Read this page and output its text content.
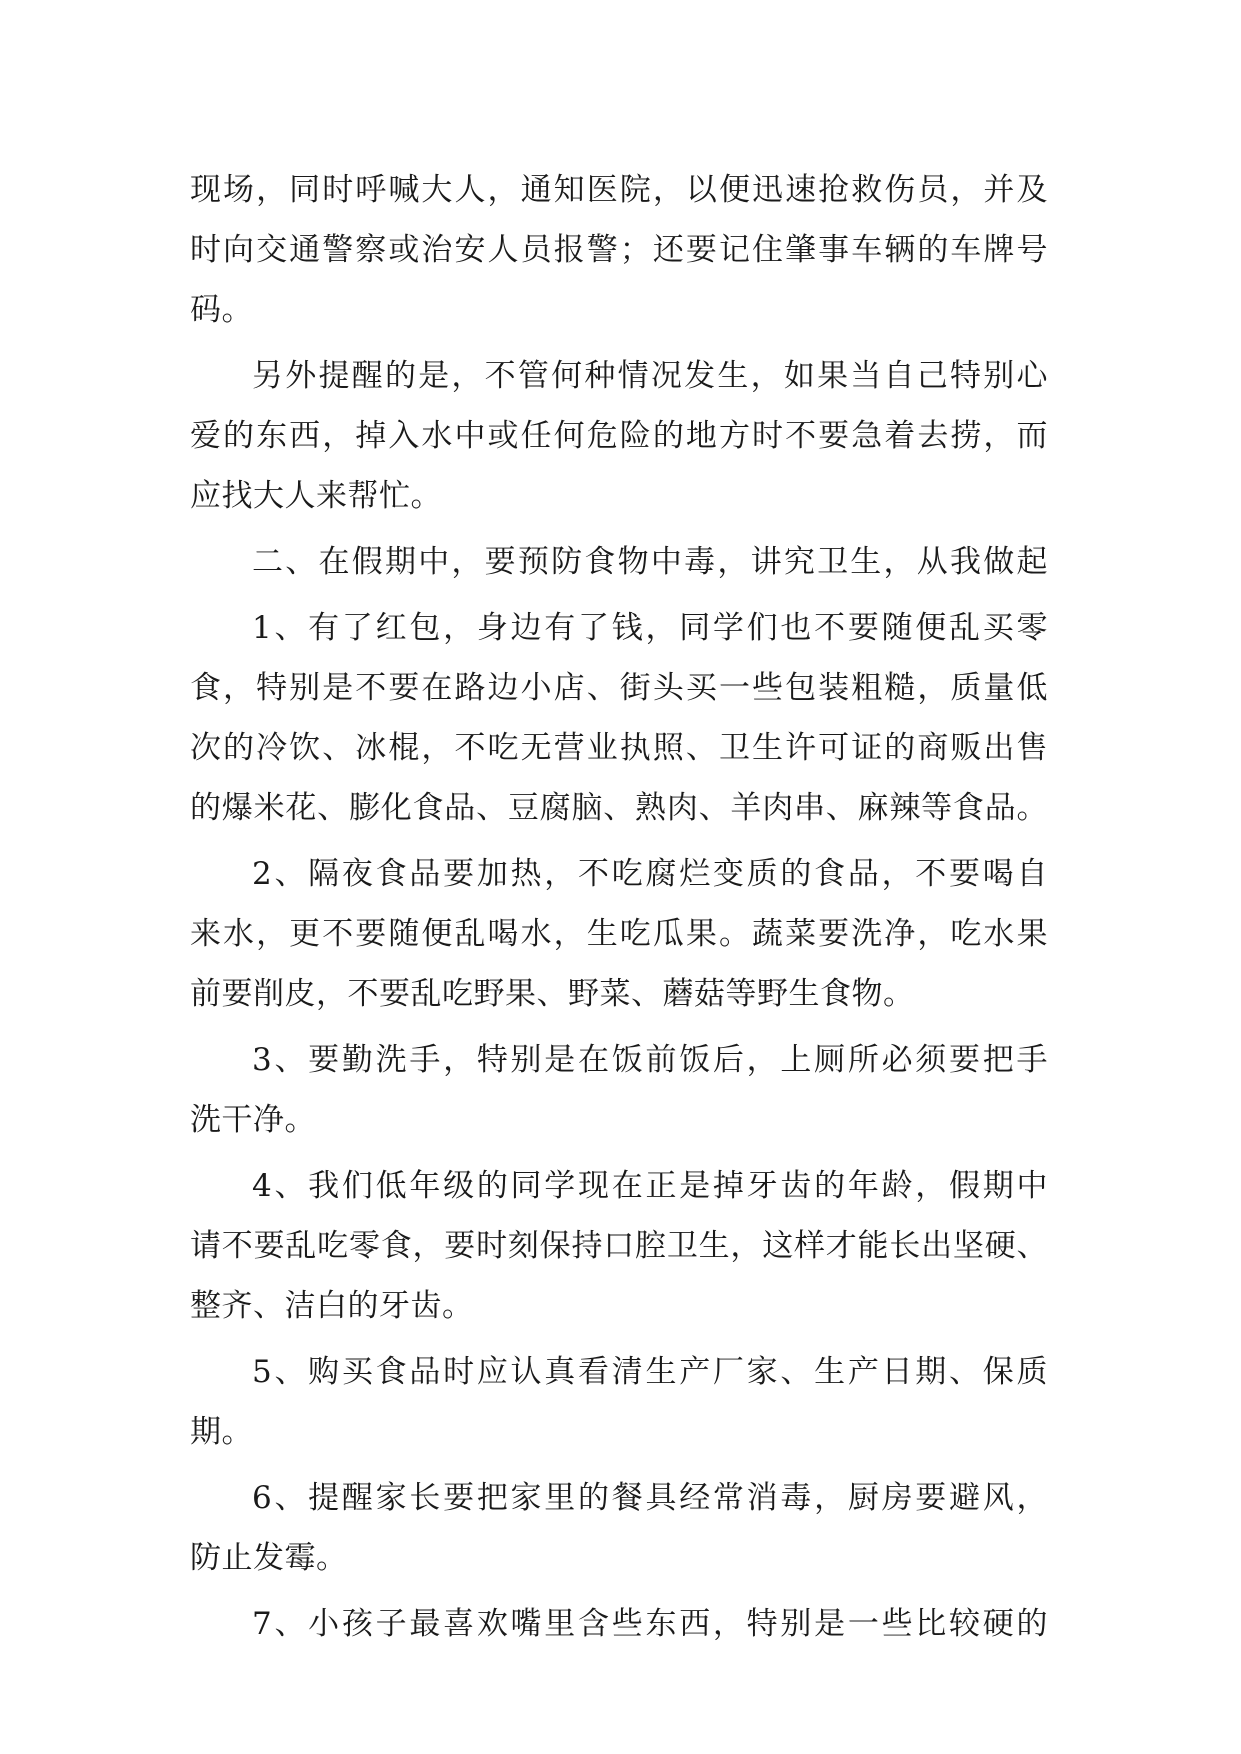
现场，同时呼喊大人，通知医院，以便迅速抢救伤员，并及
时向交通警察或治安人员报警；还要记住肇事车辆的车牌号
码。
另外提醒的是，不管何种情况发生，如果当自己特别心
爱的东西，掉入水中或任何危险的地方时不要急着去捞，而
应找大人来帮忙。
二、在假期中，要预防食物中毒，讲究卫生，从我做起
1、有了红包，身边有了钱，同学们也不要随便乱买零
食，特别是不要在路边小店、街头买一些包装粗糙，质量低
次的冷饮、冰棍，不吃无营业执照、卫生许可证的商贩出售
的爆米花、膨化食品、豆腐脑、熟肉、羊肉串、麻辣等食品。
2、隔夜食品要加热，不吃腐烂变质的食品，不要喝自
来水，更不要随便乱喝水，生吃瓜果。蔬菜要洗净，吃水果
前要削皮，不要乱吃野果、野菜、蘑菇等野生食物。
3、要勤洗手，特别是在饭前饭后，上厕所必须要把手
洗干净。
4、我们低年级的同学现在正是掉牙齿的年龄，假期中
请不要乱吃零食，要时刻保持口腔卫生，这样才能长出坚硬、
整齐、洁白的牙齿。
5、购买食品时应认真看清生产厂家、生产日期、保质
期。
6、提醒家长要把家里的餐具经常消毒，厨房要避风，
防止发霉。
7、小孩子最喜欢嘴里含些东西，特别是一些比较硬的
